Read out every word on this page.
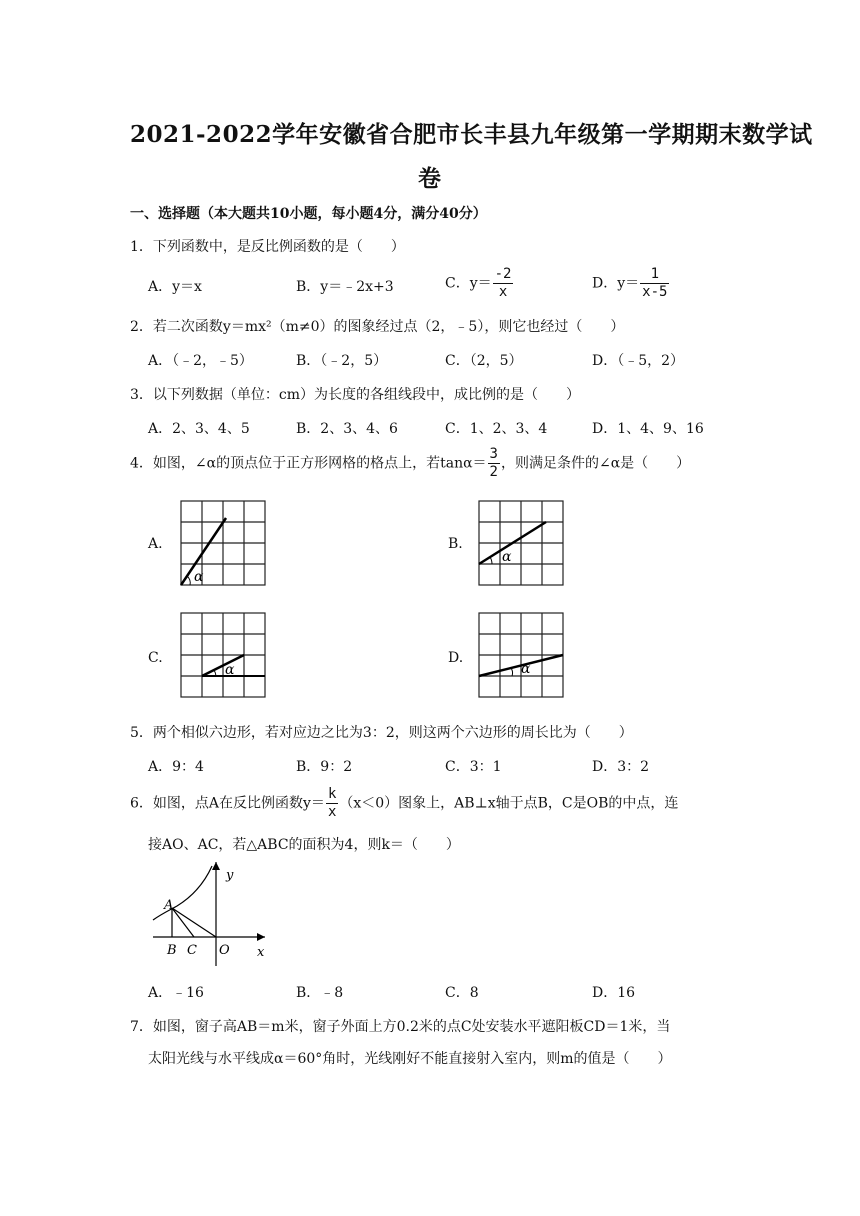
2021-2022学年安徽省合肥市长丰县九年级第一学期期末数学试
卷
一、选择题（本大题共10小题，每小题4分，满分40分）
1．下列函数中，是反比例函数的是（　　）
A．y＝x	B．y＝﹣2x+3	C．$y= \frac{-2}{x}$	D．$y= \frac{1}{x-5}$
2．若二次函数y＝mx²（m≠0）的图象经过点（2，﹣5），则它也经过（　　）
A．（﹣2，﹣5）	B．（﹣2，5）	C．（2，5）	D．（﹣5，2）
3．以下列数据（单位：cm）为长度的各组线段中，成比例的是（　　）
A．2、3、4、5	B．2、3、4、6	C．1、2、3、4	D．1、4、9、16
4．如图，∠α的顶点位于正方形网格的格点上，若$\tan\alpha= \frac{3}{2}$ ，则满足条件的∠α是（　　）
A.
α
B.
α
C.
α
D.
α
5．两个相似六边形，若对应边之比为3：2，则这两个六边形的周长比为（　　）
A．9：4	B．9：2	C．3：1	D．3：2
6．如图，点A在反比例函数$y= \frac{k}{x} (x<0)$图象上，AB⊥x轴于点B，C是OB的中点，连
接AO、AC，若△ABC的面积为4，则k＝（　　）
y
x
A
B C O
A．﹣16	B．﹣8	C．8	D．16
7．如图，窗子高AB＝m米，窗子外面上方0.2米的点C处安装水平遮阳板CD＝1米，当
太阳光线与水平线成α＝60°角时，光线刚好不能直接射入室内，则m的值是（　　）
